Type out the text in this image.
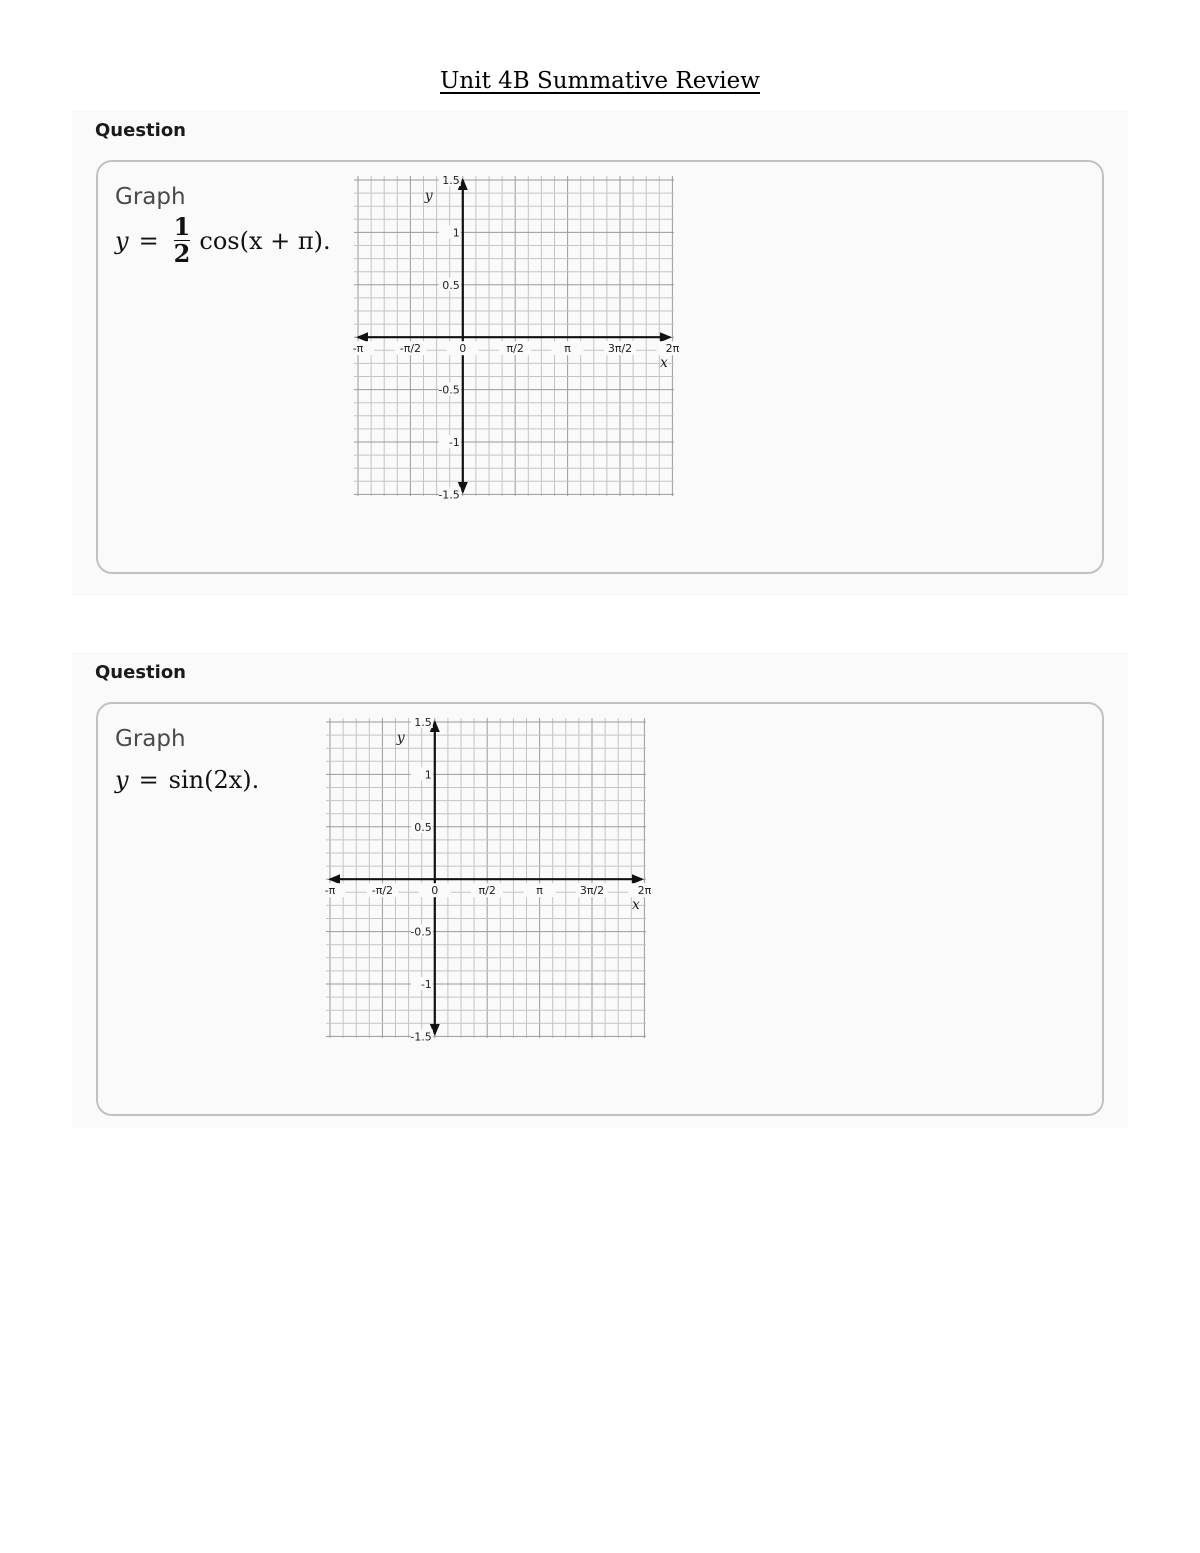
Unit 4B Summative Review
Question
Graph
$y = \frac{1}{2} \cos(x + \pi)$.
-π	-π/2	0	π/2	π	3π/2	2π
1.5
1
0.5
-0.5
-1
-1.5
x
y
Question
Graph
y = sin(2x).
-π	-π/2	0	π/2	π	3π/2	2π
1.5
1
0.5
-0.5
-1
-1.5
x
y
